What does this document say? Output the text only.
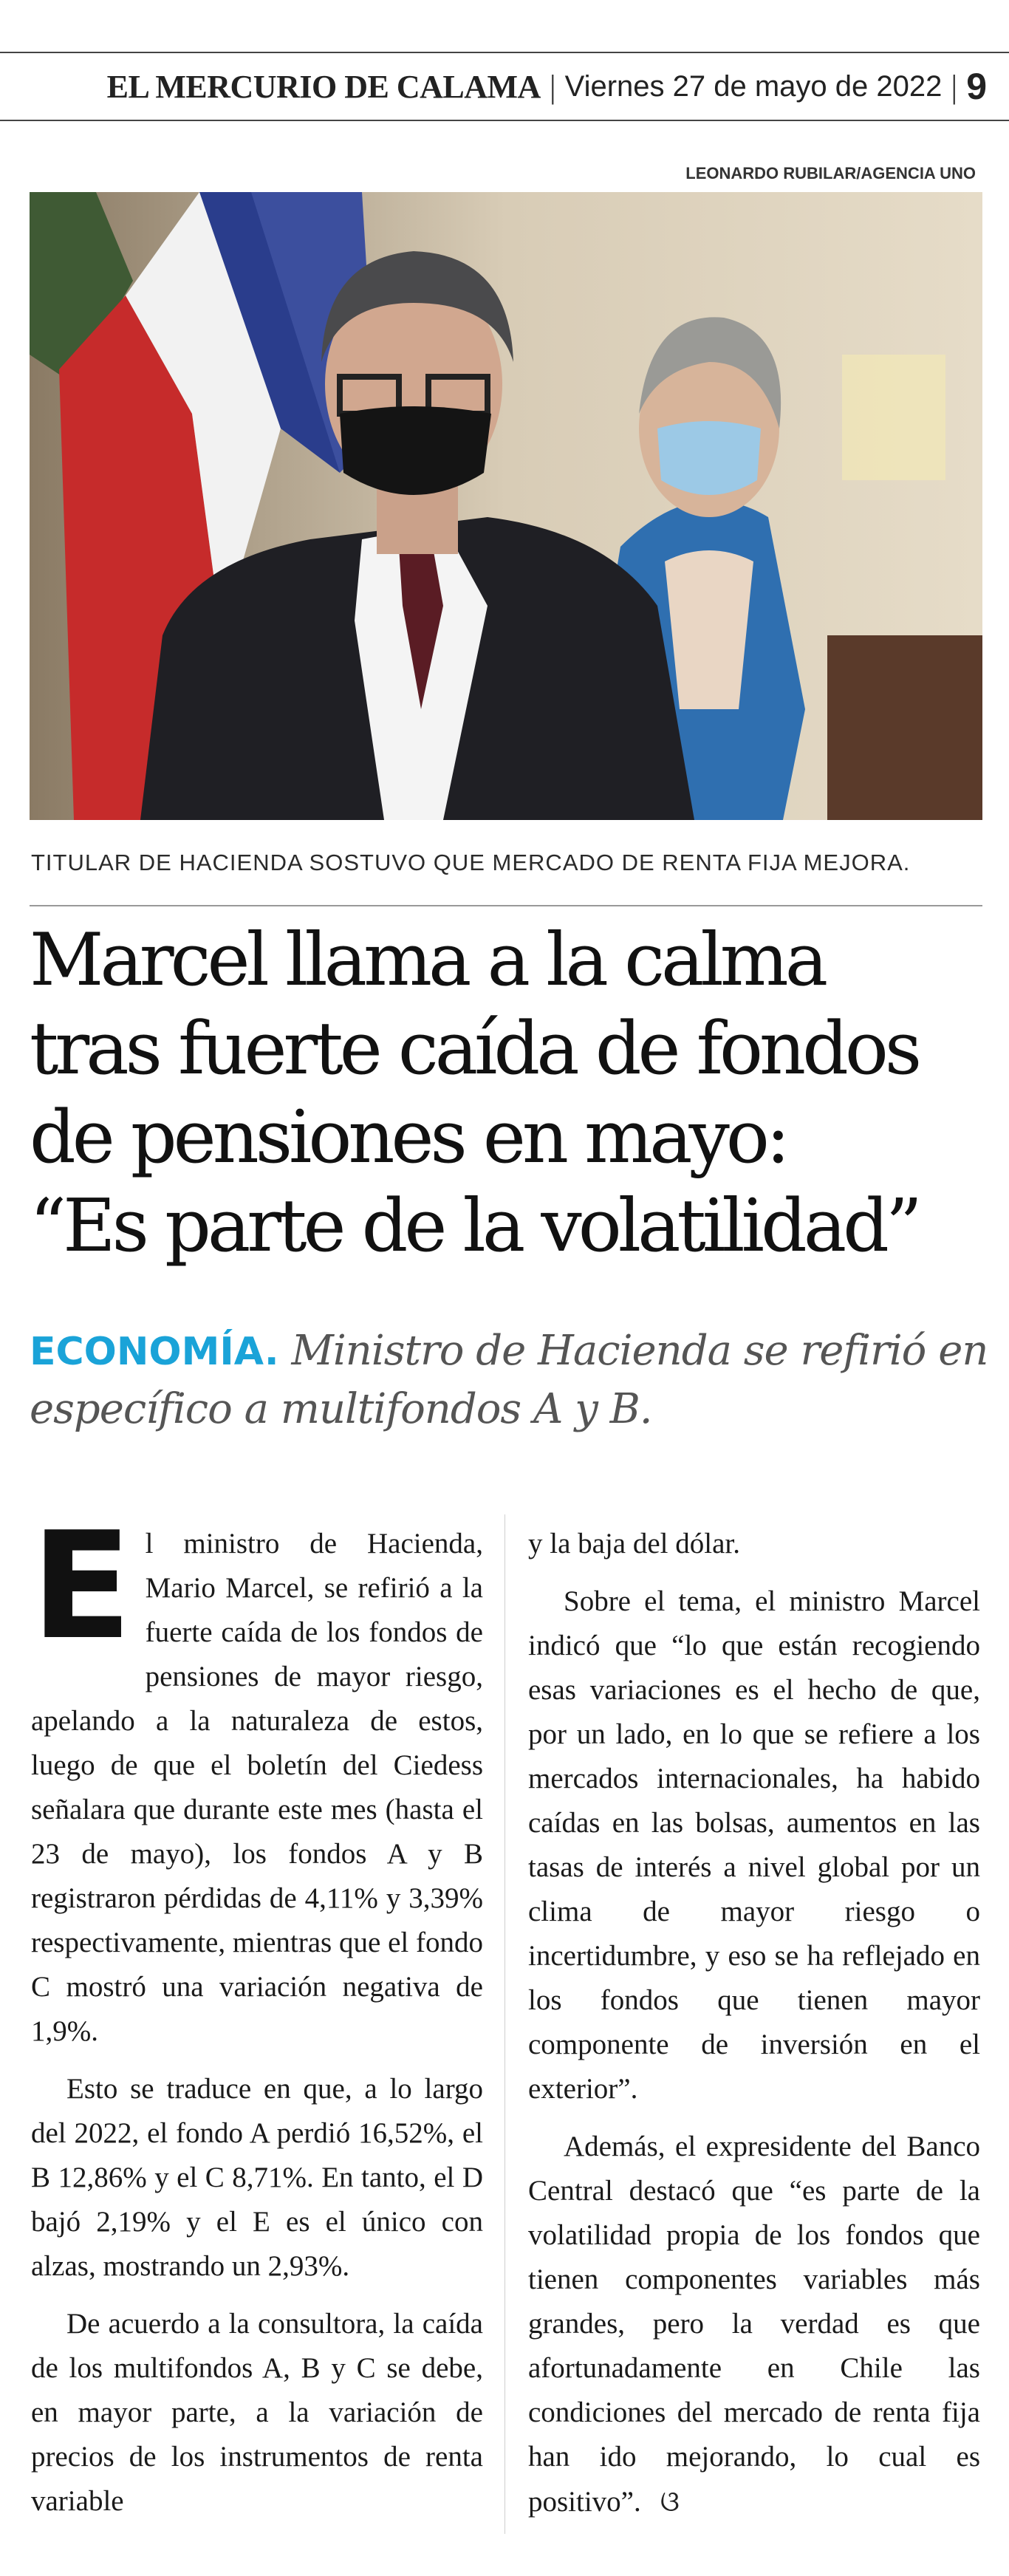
EL MERCURIO DE CALAMA | Viernes 27 de mayo de 2022 | 9
LEONARDO RUBILAR/AGENCIA UNO
TITULAR DE HACIENDA SOSTUVO QUE MERCADO DE RENTA FIJA MEJORA.
Marcel llama a la calma
tras fuerte caída de fondos
de pensiones en mayo:
“Es parte de la volatilidad”
ECONOMÍA. Ministro de Hacienda se refirió en específico a multifondos A y B.

El ministro de Hacienda, Mario Marcel, se refirió a la fuerte caída de los fondos de pensiones de mayor riesgo, apelando a la naturaleza de estos, luego de que el boletín del Ciedess señalara que durante este mes (hasta el 23 de mayo), los fondos A y B registraron pérdidas de 4,11% y 3,39% respectivamente, mientras que el fondo C mostró una variación negativa de 1,9%.

Esto se traduce en que, a lo largo del 2022, el fondo A perdió 16,52%, el B 12,86% y el C 8,71%. En tanto, el D bajó 2,19% y el E es el único con alzas, mostrando un 2,93%.

De acuerdo a la consultora, la caída de los multifondos A, B y C se debe, en mayor parte, a la variación de precios de los instrumentos de renta variable

y la baja del dólar.

Sobre el tema, el ministro Marcel indicó que “lo que están recogiendo esas variaciones es el hecho de que, por un lado, en lo que se refiere a los mercados internacionales, ha habido caídas en las bolsas, aumentos en las tasas de interés a nivel global por un clima de mayor riesgo o incertidumbre, y eso se ha reflejado en los fondos que tienen mayor componente de inversión en el exterior”.

Además, el expresidente del Banco Central destacó que “es parte de la volatilidad propia de los fondos que tienen componentes variables más grandes, pero la verdad es que afortunadamente en Chile las condiciones del mercado de renta fija han ido mejorando, lo cual es positivo”. ଓ
